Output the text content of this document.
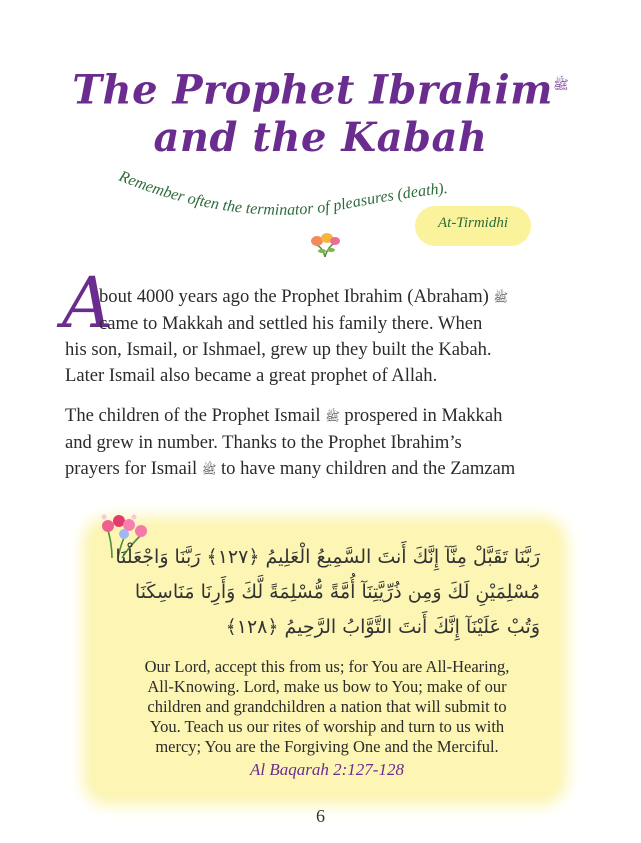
The Prophet Ibrahim$^ﷺ$
and the Kabah
Remember often the terminator of pleasures (death).
At-Tirmidhi
A
bout 4000 years ago the Prophet Ibrahim (Abraham) ﷺ
came to Makkah and settled his family there. When
his son, Ismail, or Ishmael, grew up they built the Kabah.
Later Ismail also became a great prophet of Allah.
The children of the Prophet Ismail ﷺ prospered in Makkah
and grew in number. Thanks to the Prophet Ibrahim’s
prayers for Ismail ﷺ to have many children and the Zamzam
رَبَّنَا تَقَبَّلْ مِنَّآ إِنَّكَ أَنتَ السَّمِيعُ الْعَلِيمُ ﴿١٢٧﴾ رَبَّنَا وَاجْعَلْنَا
مُسْلِمَيْنِ لَكَ وَمِن ذُرِّيَّتِنَآ أُمَّةً مُّسْلِمَةً لَّكَ وَأَرِنَا مَنَاسِكَنَا
وَتُبْ عَلَيْنَآ إِنَّكَ أَنتَ التَّوَّابُ الرَّحِيمُ ﴿١٢٨﴾
Our Lord, accept this from us; for You are All-Hearing,
All-Knowing. Lord, make us bow to You; make of our
children and grandchildren a nation that will submit to
You. Teach us our rites of worship and turn to us with
mercy; You are the Forgiving One and the Merciful.
Al Baqarah 2:127-128
6
